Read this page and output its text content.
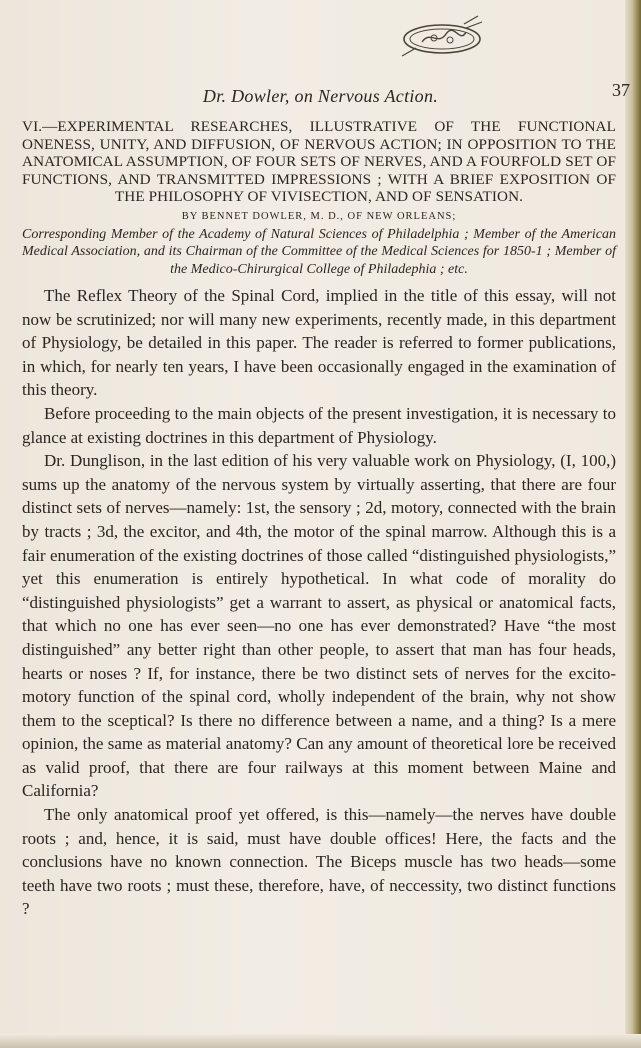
Dr. Dowler, on Nervous Action.	37

VI.—EXPERIMENTAL RESEARCHES, ILLUSTRATIVE OF THE FUNCTIONAL ONENESS, UNITY, AND DIFFUSION, OF NERVOUS ACTION; IN OPPOSITION TO THE ANATOMICAL ASSUMPTION, OF FOUR SETS OF NERVES, AND A FOURFOLD SET OF FUNCTIONS, AND TRANSMITTED IMPRESSIONS ; WITH A BRIEF EXPOSITION OF THE PHILOSOPHY OF VIVISECTION, AND OF SENSATION.

BY BENNET DOWLER, M. D., OF NEW ORLEANS;

Corresponding Member of the Academy of Natural Sciences of Philadelphia ; Member of the American Medical Association, and its Chairman of the Committee of the Medical Sciences for 1850-1 ; Member of the Medico-Chirurgical College of Philadephia ; etc.

The Reflex Theory of the Spinal Cord, implied in the title of this essay, will not now be scrutinized; nor will many new experiments, recently made, in this department of Physiology, be detailed in this paper. The reader is referred to former publications, in which, for nearly ten years, I have been occasionally engaged in the examination of this theory.

Before proceeding to the main objects of the present investigation, it is necessary to glance at existing doctrines in this department of Physiology.

Dr. Dunglison, in the last edition of his very valuable work on Physiology, (I, 100,) sums up the anatomy of the nervous system by virtually asserting, that there are four distinct sets of nerves—namely: 1st, the sensory ; 2d, motory, connected with the brain by tracts ; 3d, the excitor, and 4th, the motor of the spinal marrow. Although this is a fair enumeration of the existing doctrines of those called “distinguished physiologists,” yet this enumeration is entirely hypothetical. In what code of morality do “distinguished physiologists” get a warrant to assert, as physical or anatomical facts, that which no one has ever seen—no one has ever demonstrated? Have “the most distinguished” any better right than other people, to assert that man has four heads, hearts or noses ? If, for instance, there be two distinct sets of nerves for the excito-motory function of the spinal cord, wholly independent of the brain, why not show them to the sceptical? Is there no difference between a name, and a thing? Is a mere opinion, the same as material anatomy? Can any amount of theoretical lore be received as valid proof, that there are four railways at this moment between Maine and California?

The only anatomical proof yet offered, is this—namely—the nerves have double roots ; and, hence, it is said, must have double offices! Here, the facts and the conclusions have no known connection. The Biceps muscle has two heads—some teeth have two roots ; must these, therefore, have, of neccessity, two distinct functions ?
